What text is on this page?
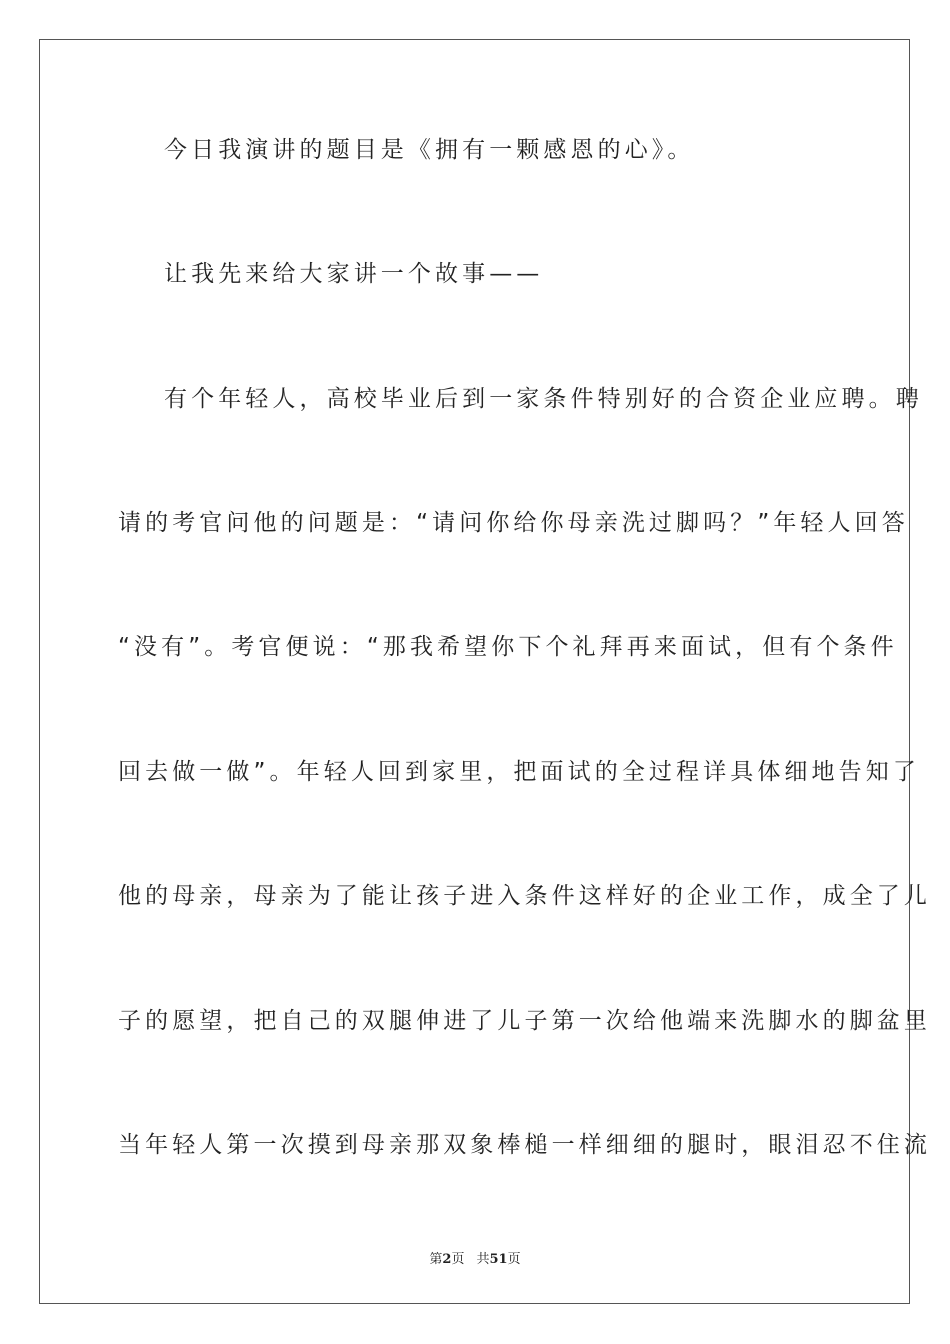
今日我演讲的题目是《拥有一颗感恩的心》。
让我先来给大家讲一个故事——
有个年轻人，高校毕业后到一家条件特别好的合资企业应聘。聘
请的考官问他的问题是：“请问你给你母亲洗过脚吗？”年轻人回答
“没有”。考官便说：“那我希望你下个礼拜再来面试，但有个条件
回去做一做”。年轻人回到家里，把面试的全过程详具体细地告知了
他的母亲，母亲为了能让孩子进入条件这样好的企业工作，成全了儿
子的愿望，把自己的双腿伸进了儿子第一次给他端来洗脚水的脚盆里
当年轻人第一次摸到母亲那双象棒槌一样细细的腿时，眼泪忍不住流
第2页 共51页
